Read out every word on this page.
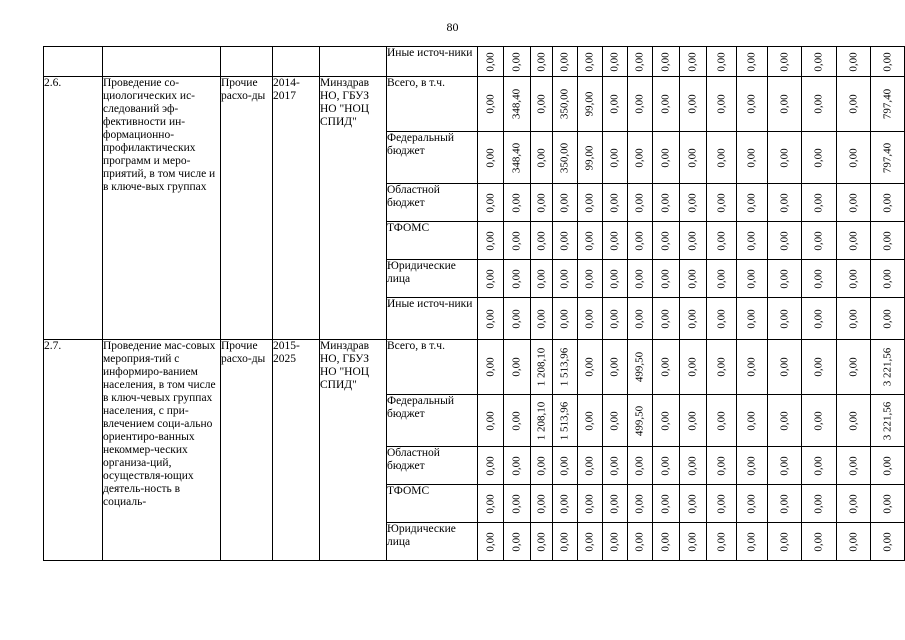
80
					Иные источ-ники	0,00	0,00	0,00	0,00	0,00	0,00	0,00	0,00	0,00	0,00	0,00	0,00	0,00	0,00	0,00

2.6.	Проведение со-циологических ис-следований эф-фективности ин-формационно-профилактических программ и меро-приятий, в том числе и в ключе-вых группах	Прочие расхо-ды	2014-2017	Минздрав НО, ГБУЗ НО "НОЦ СПИД"	Всего, в т.ч.	0,00	348,40	0,00	350,00	99,00	0,00	0,00	0,00	0,00	0,00	0,00	0,00	0,00	0,00	797,40

					Федеральный бюджет	0,00	348,40	0,00	350,00	99,00	0,00	0,00	0,00	0,00	0,00	0,00	0,00	0,00	0,00	797,40

					Областной бюджет	0,00	0,00	0,00	0,00	0,00	0,00	0,00	0,00	0,00	0,00	0,00	0,00	0,00	0,00	0,00

					ТФОМС	0,00	0,00	0,00	0,00	0,00	0,00	0,00	0,00	0,00	0,00	0,00	0,00	0,00	0,00	0,00

					Юридические лица	0,00	0,00	0,00	0,00	0,00	0,00	0,00	0,00	0,00	0,00	0,00	0,00	0,00	0,00	0,00

					Иные источ-ники	0,00	0,00	0,00	0,00	0,00	0,00	0,00	0,00	0,00	0,00	0,00	0,00	0,00	0,00	0,00

2.7.	Проведение мас-совых мероприя-тий с информиро-ванием населения, в том числе в ключ-чевых группах населения, с при-влечением соци-ально ориентиро-ванных некоммер-ческих организа-ций, осуществля-ющих деятель-ность в социаль-	Прочие расхо-ды	2015-2025	Минздрав НО, ГБУЗ НО "НОЦ СПИД"	Всего, в т.ч.	0,00	0,00	1 208,10	1 513,96	0,00	0,00	499,50	0,00	0,00	0,00	0,00	0,00	0,00	0,00	3 221,56

					Федеральный бюджет	0,00	0,00	1 208,10	1 513,96	0,00	0,00	499,50	0,00	0,00	0,00	0,00	0,00	0,00	0,00	3 221,56

					Областной бюджет	0,00	0,00	0,00	0,00	0,00	0,00	0,00	0,00	0,00	0,00	0,00	0,00	0,00	0,00	0,00

					ТФОМС	0,00	0,00	0,00	0,00	0,00	0,00	0,00	0,00	0,00	0,00	0,00	0,00	0,00	0,00	0,00

					Юридические лица	0,00	0,00	0,00	0,00	0,00	0,00	0,00	0,00	0,00	0,00	0,00	0,00	0,00	0,00	0,00
